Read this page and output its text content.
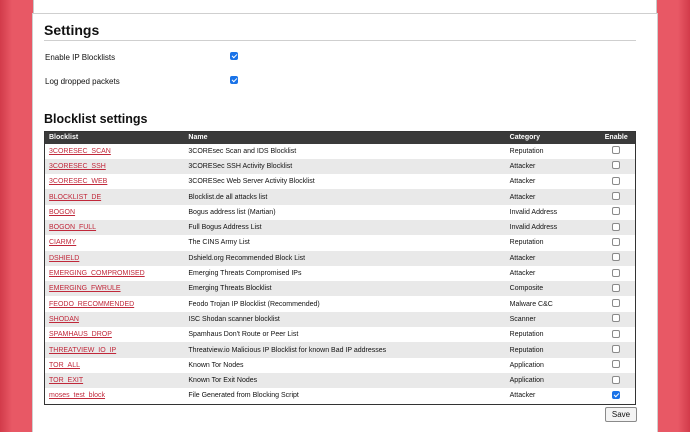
Settings
Enable IP Blocklists
Log dropped packets
Blocklist settings
Blocklist	Name	Category	Enable
3CORESEC_SCAN	3COREsec Scan and IDS Blocklist	Reputation	
3CORESEC_SSH	3CORESec SSH Activity Blocklist	Attacker	
3CORESEC_WEB	3CORESec Web Server Activity Blocklist	Attacker	
BLOCKLIST_DE	Blocklist.de all attacks list	Attacker	
BOGON	Bogus address list (Martian)	Invalid Address	
BOGON_FULL	Full Bogus Address List	Invalid Address	
CIARMY	The CINS Army List	Reputation	
DSHIELD	Dshield.org Recommended Block List	Attacker	
EMERGING_COMPROMISED	Emerging Threats Compromised IPs	Attacker	
EMERGING_FWRULE	Emerging Threats Blocklist	Composite	
FEODO_RECOMMENDED	Feodo Trojan IP Blocklist (Recommended)	Malware C&C	
SHODAN	ISC Shodan scanner blocklist	Scanner	
SPAMHAUS_DROP	Spamhaus Don't Route or Peer List	Reputation	
THREATVIEW_IO_IP	Threatview.io Malicious IP Blocklist for known Bad IP addresses	Reputation	
TOR_ALL	Known Tor Nodes	Application	
TOR_EXIT	Known Tor Exit Nodes	Application	
moses_test_block	File Generated from Blocking Script	Attacker	
Save
